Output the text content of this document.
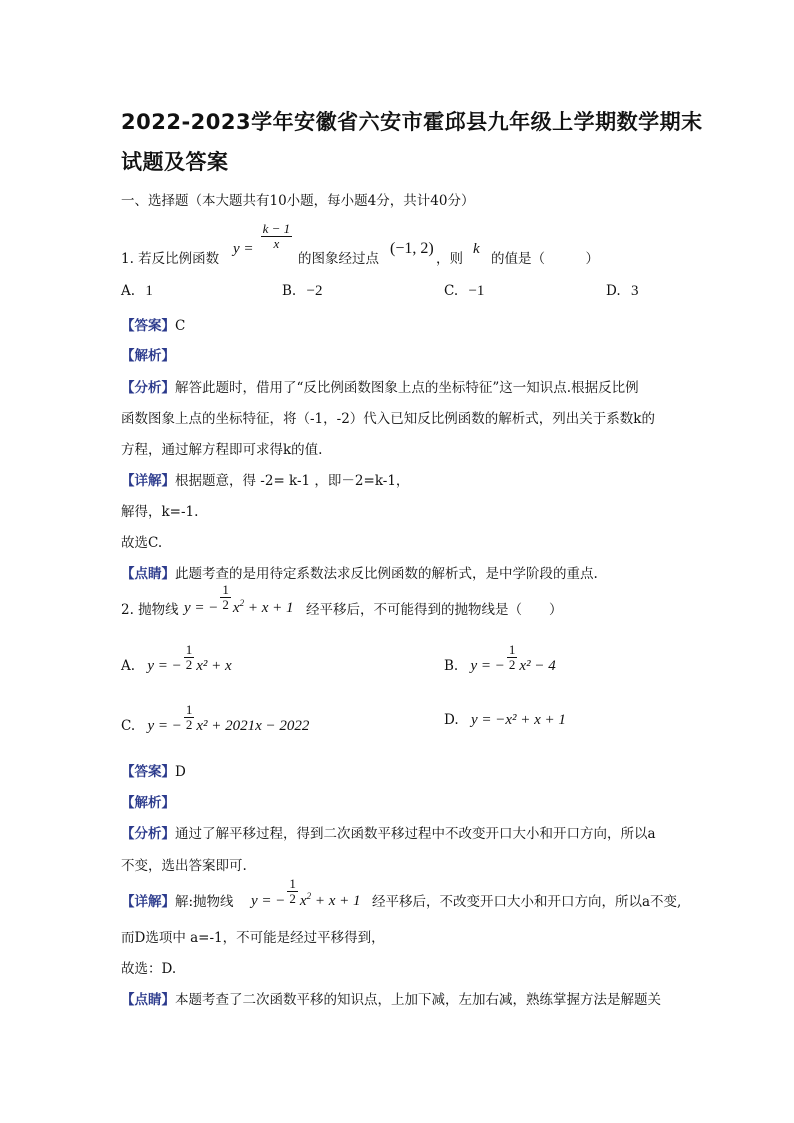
2022-2023学年安徽省六安市霍邱县九年级上学期数学期末
试题及答案
一、选择题（本大题共有10小题，每小题4分，共计40分）
1. 若反比例函数
$y = \frac{k - 1}{x}$
的图象经过点
(−1, 2)
，则
k
的值是（　　　）
A. 1	B. −2	C. −1	D. 3
【答案】C
【解析】
【分析】解答此题时，借用了“反比例函数图象上点的坐标特征”这一知识点.根据反比例
函数图象上点的坐标特征，将（-1，-2）代入已知反比例函数的解析式，列出关于系数k的
方程，通过解方程即可求得k的值.
【详解】根据题意，得 -2= k-1 ，即－2=k-1，
解得，k=-1.
故选C.
【点睛】此题考查的是用待定系数法求反比例函数的解析式，是中学阶段的重点.
2. 抛物线 y = − $\frac{1}{2} x^2 + x + 1$ 经平移后，不可能得到的抛物线是（　　）
A. y = − $\frac{1}{2} x^2 + x$	B. y = − $\frac{1}{2} x^2 - 4$
C. y = − $\frac{1}{2} x^2 + 2021x - 2022$	D. y = −x² + x + 1
【答案】D
【解析】
【分析】通过了解平移过程，得到二次函数平移过程中不改变开口大小和开口方向，所以a
不变，选出答案即可.
【详解】解:抛物线 y = − $\frac{1}{2} x^2 + x + 1$ 经平移后，不改变开口大小和开口方向，所以a不变,
而D选项中 a=-1，不可能是经过平移得到，
故选：D.
【点睛】本题考查了二次函数平移的知识点，上加下减，左加右减，熟练掌握方法是解题关
